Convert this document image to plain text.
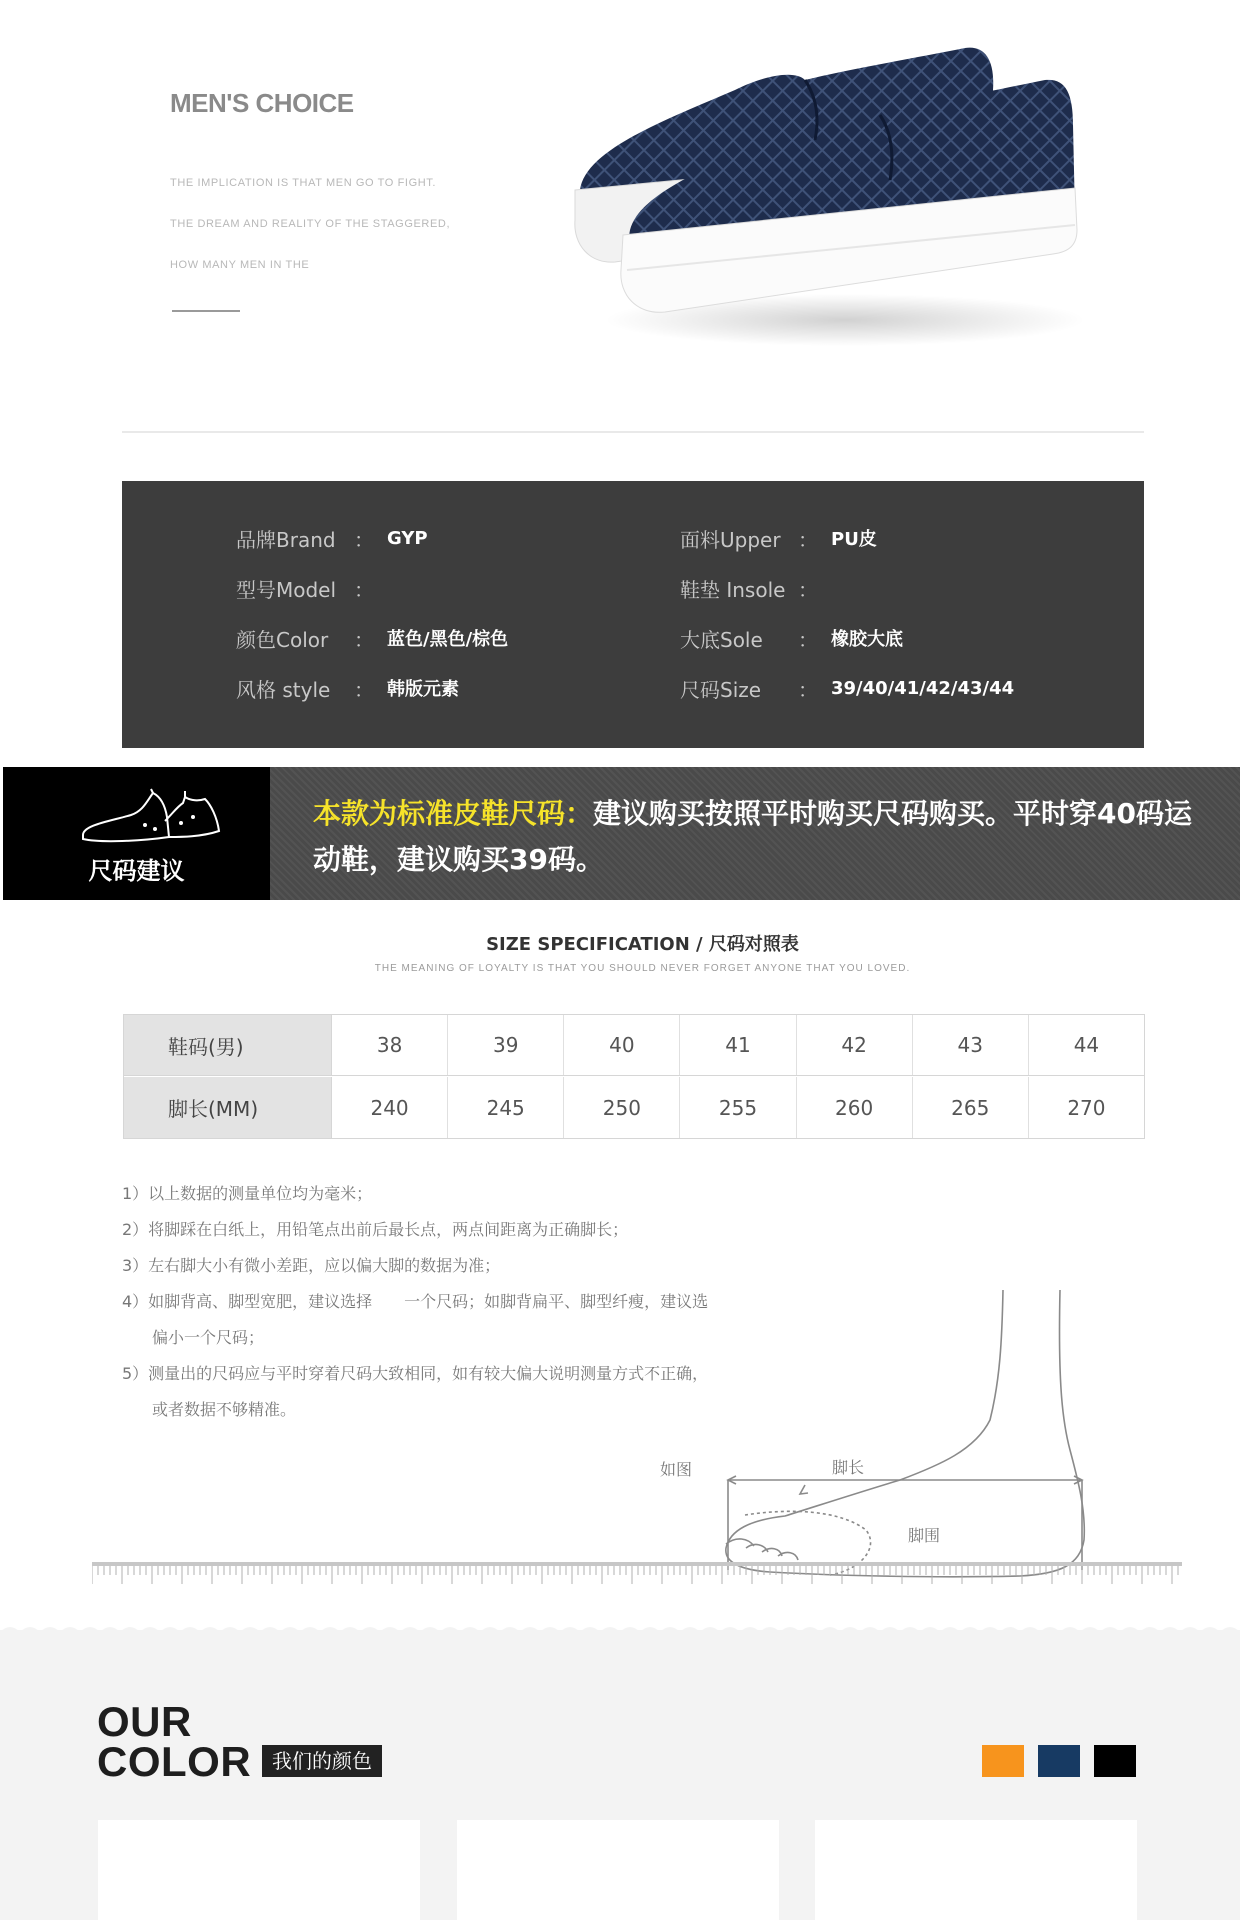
MEN'S CHOICE
THE IMPLICATION IS THAT MEN GO TO FIGHT.
THE DREAM AND REALITY OF THE STAGGERED,
HOW MANY MEN IN THE
品牌Brand ： GYP
型号Model ：
颜色Color	： 蓝色/黑色/棕色
风格 style	： 韩版元素
面料Upper ： PU皮
鞋垫 Insole ：
大底Sole	： 橡胶大底
尺码Size	： 39/40/41/42/43/44
尺码建议
本款为标准皮鞋尺码：建议购买按照平时购买尺码购买。平时穿40码运动鞋，建议购买39码。
SIZE SPECIFICATION / 尺码对照表
THE MEANING OF LOYALTY IS THAT YOU SHOULD NEVER FORGET ANYONE THAT YOU LOVED.
鞋码(男)	38	39	40	41	42	43	44
脚长(MM)	240	245	250	255	260	265	270
1）以上数据的测量单位均为毫米；
2）将脚踩在白纸上，用铅笔点出前后最长点，两点间距离为正确脚长；
3）左右脚大小有微小差距，应以偏大脚的数据为准；
4）如脚背高、脚型宽肥，建议选择　　一个尺码；如脚背扁平、脚型纤瘦，建议选
偏小一个尺码；
5）测量出的尺码应与平时穿着尺码大致相同，如有较大偏大说明测量方式不正确，
或者数据不够精准。
脚长
脚围
如图
OUR
COLOR	我们的颜色
